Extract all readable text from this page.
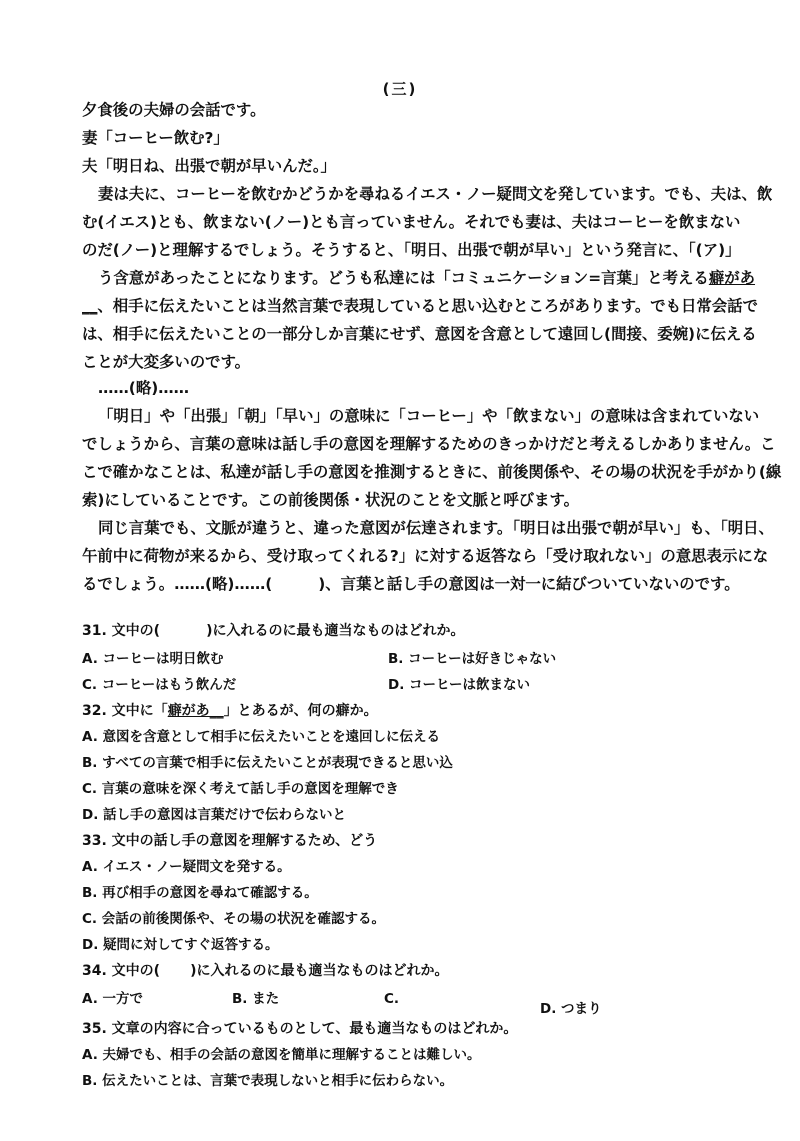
(三)
夕食後の夫婦の会話です。
妻「コーヒー飲む?」
夫「明日ね、出張で朝が早いんだ。」
妻は夫に、コーヒーを飲むかどうかを尋ねるイエス・ノー疑問文を発しています。でも、夫は、飲
む(イエス)とも、飲まない(ノー)とも言っていません。それでも妻は、夫はコーヒーを飲まない
のだ(ノー)と理解するでしょう。そうすると、「明日、出張で朝が早い」という発言に、「(ア)」
う含意があったことになります。どうも私達には「コミュニケーション=言葉」と考える癖があ
__、相手に伝えたいことは当然言葉で表現していると思い込むところがあります。でも日常会話で
は、相手に伝えたいことの一部分しか言葉にせず、意図を含意として遠回し(間接、委婉)に伝える
ことが大変多いのです。
……(略)……
「明日」や「出張」「朝」「早い」の意味に「コーヒー」や「飲まない」の意味は含まれていない
でしょうから、言葉の意味は話し手の意図を理解するためのきっかけだと考えるしかありません。こ
こで確かなことは、私達が話し手の意図を推測するときに、前後関係や、その場の状況を手がかり(線
索)にしていることです。この前後関係・状況のことを文脈と呼びます。
同じ言葉でも、文脈が違うと、違った意図が伝達されます。「明日は出張で朝が早い」も、「明日、
午前中に荷物が来るから、受け取ってくれる?」に対する返答なら「受け取れない」の意思表示にな
るでしょう。……(略)……(	)、言葉と話し手の意図は一対一に結びついていないのです。
31. 文中の(	)に入れるのに最も適当なものはどれか。
A. コーヒーは明日飲む	B. コーヒーは好きじゃない
C. コーヒーはもう飲んだ	D. コーヒーは飲まない
32. 文中に「癖があ__」とあるが、何の癖か。
A. 意図を含意として相手に伝えたいことを遠回しに伝える
B. すべての言葉で相手に伝えたいことが表現できると思い込
C. 言葉の意味を深く考えて話し手の意図を理解でき
D. 話し手の意図は言葉だけで伝わらないと
33. 文中の話し手の意図を理解するため、どう
A. イエス・ノー疑問文を発する。
B. 再び相手の意図を尋ねて確認する。
C. 会話の前後関係や、その場の状況を確認する。
D. 疑問に対してすぐ返答する。
34. 文中の( )に入れるのに最も適当なものはどれか。
A. 一方で	B. また	C.
D. つまり
35. 文章の内容に合っているものとして、最も適当なものはどれか。
A. 夫婦でも、相手の会話の意図を簡単に理解することは難しい。
B. 伝えたいことは、言葉で表現しないと相手に伝わらない。
